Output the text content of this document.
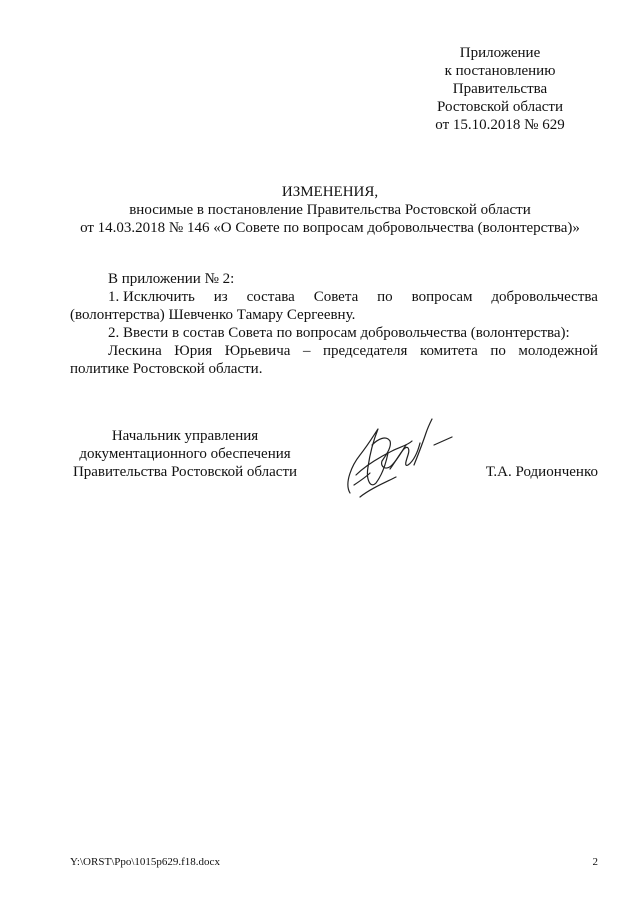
Приложение
к постановлению
Правительства
Ростовской области
от 15.10.2018 № 629
ИЗМЕНЕНИЯ,
вносимые в постановление Правительства Ростовской области
от 14.03.2018 № 146 «О Совете по вопросам добровольчества (волонтерства)»
В приложении № 2:
1. Исключить из состава Совета по вопросам добровольчества
(волонтерства) Шевченко Тамару Сергеевну.
2. Ввести в состав Совета по вопросам добровольчества (волонтерства):
Лескина Юрия Юрьевича – председателя комитета по молодежной
политике Ростовской области.
Начальник управления
документационного обеспечения
Правительства Ростовской области	Т.А. Родионченко
Y:\ORST\Ppo\1015p629.f18.docx	2
